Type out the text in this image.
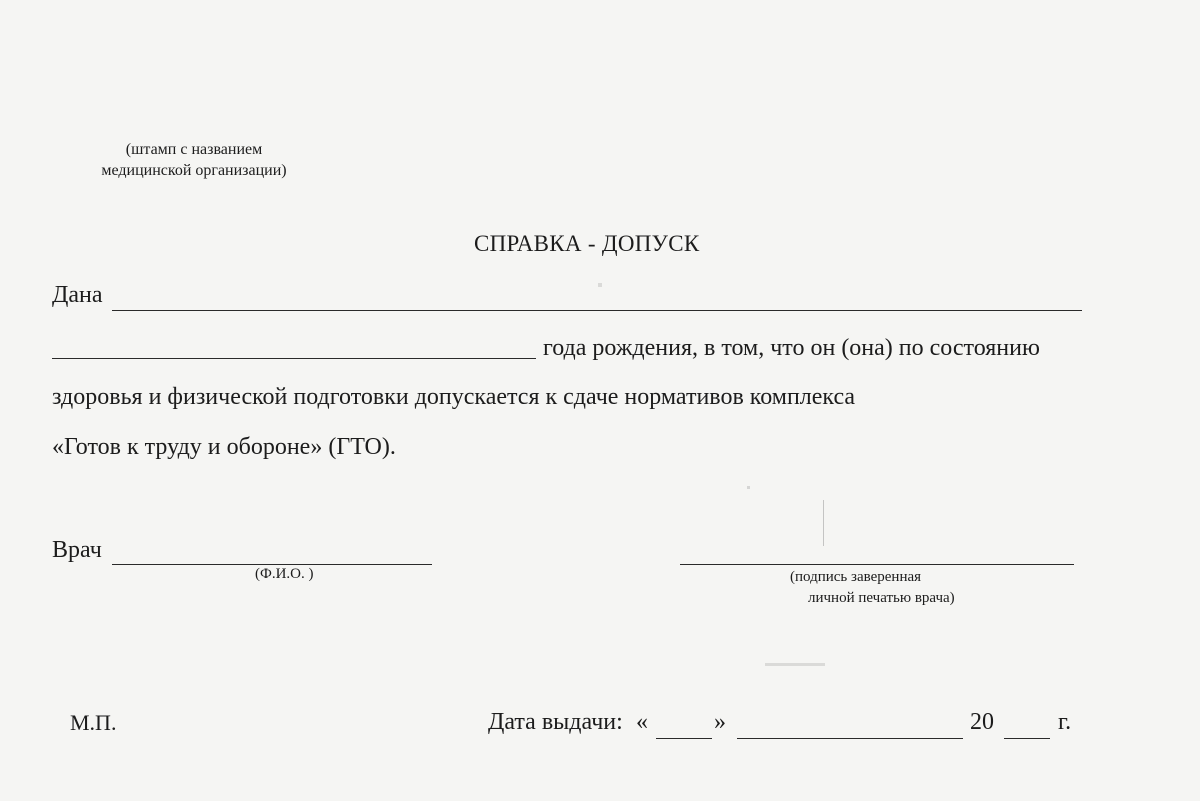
(штамп с названием
медицинской организации)
СПРАВКА - ДОПУСК
Дана
года рождения, в том, что он (она) по состоянию
здоровья и физической подготовки допускается к сдаче нормативов комплекса
«Готов к труду и обороне» (ГТО).
Врач
(Ф.И.О. )	(подпись заверенная
личной печатью врача)
М.П.	Дата выдачи: «	»	20	г.
